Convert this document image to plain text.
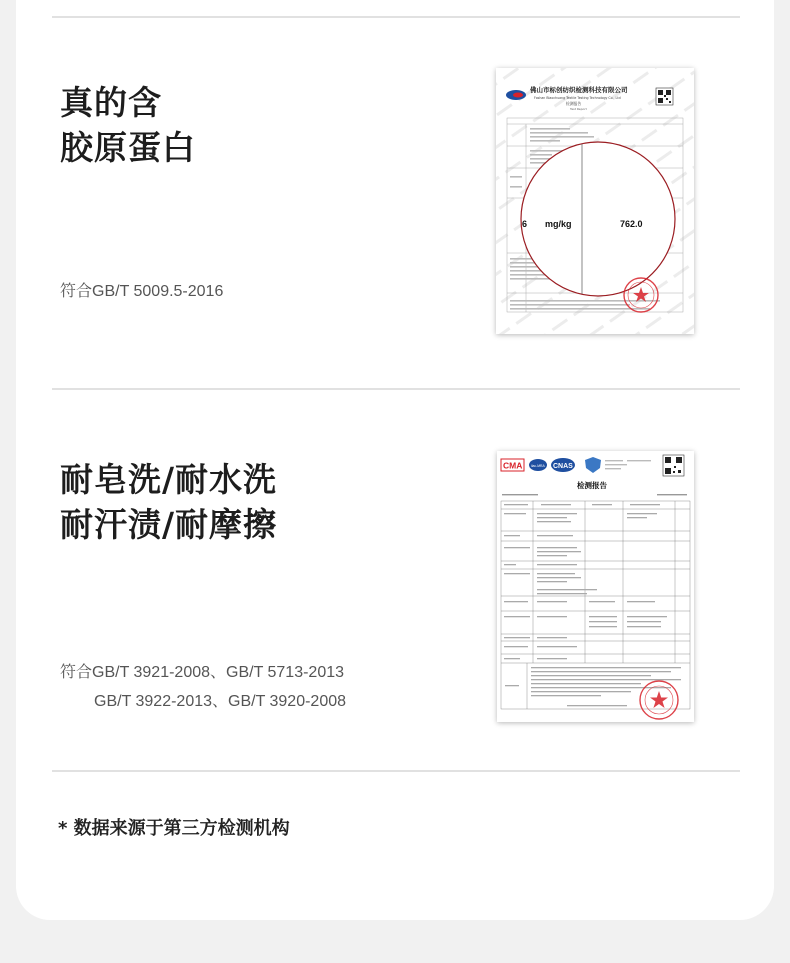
真的含
胶原蛋白
符合GB/T 5009.5-2016
佛山市标创纺织检测科技有限公司
Foshan Biaochuang Textile Testing Technology Co., Ltd
检测报告
Test Report
6 mg/kg	762.0
耐皂洗/耐水洗
耐汗渍/耐摩擦
符合GB/T 3921-2008、GB/T 5713-2013
GB/T 3922-2013、GB/T 3920-2008
CMA	ilac-MRA CNAS
检测报告
* 数据来源于第三方检测机构
